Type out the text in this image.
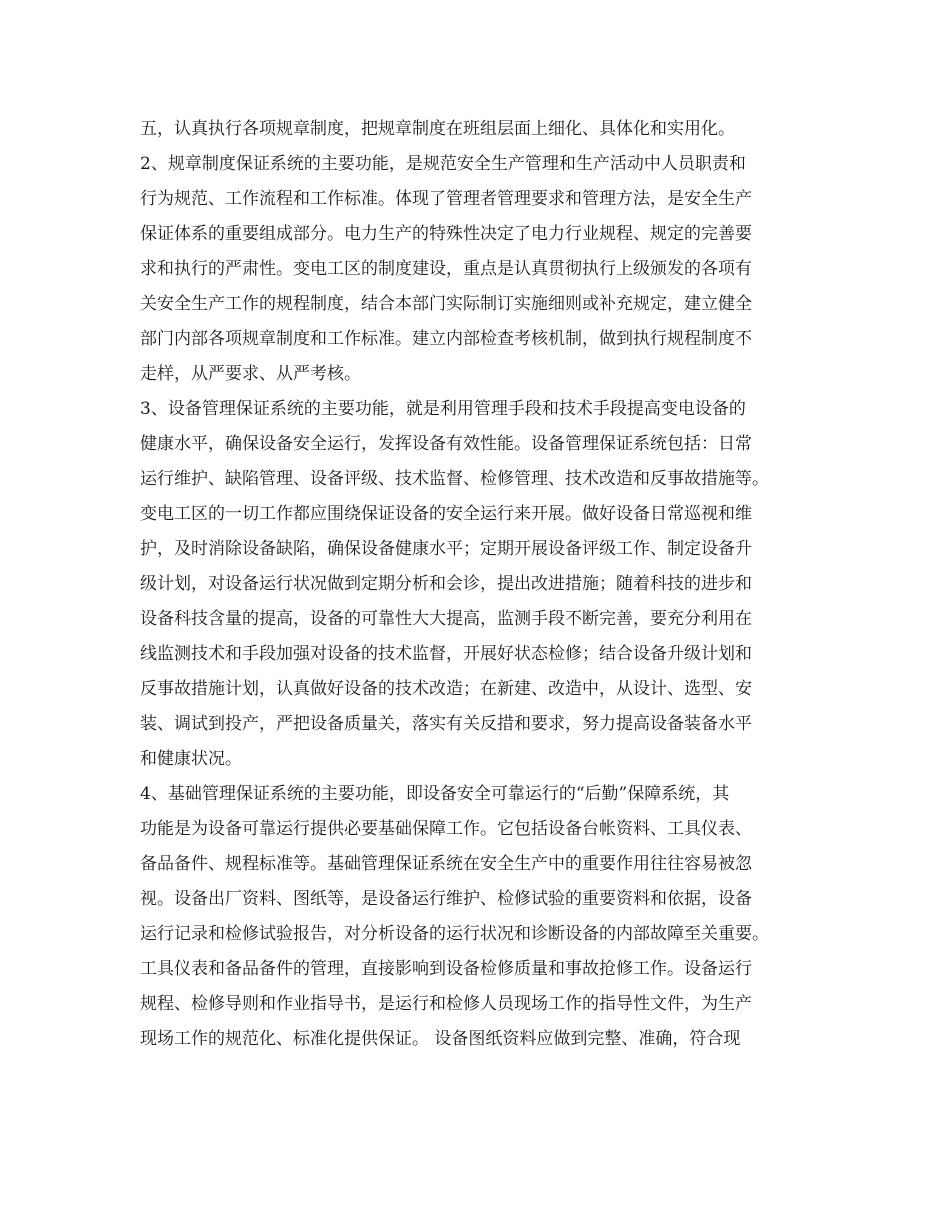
五，认真执行各项规章制度，把规章制度在班组层面上细化、具体化和实用化。
2、规章制度保证系统的主要功能，是规范安全生产管理和生产活动中人员职责和
行为规范、工作流程和工作标准。体现了管理者管理要求和管理方法，是安全生产
保证体系的重要组成部分。电力生产的特殊性决定了电力行业规程、规定的完善要
求和执行的严肃性。变电工区的制度建设，重点是认真贯彻执行上级颁发的各项有
关安全生产工作的规程制度，结合本部门实际制订实施细则或补充规定，建立健全
部门内部各项规章制度和工作标准。建立内部检查考核机制，做到执行规程制度不
走样，从严要求、从严考核。
3、设备管理保证系统的主要功能，就是利用管理手段和技术手段提高变电设备的
健康水平，确保设备安全运行，发挥设备有效性能。设备管理保证系统包括：日常
运行维护、缺陷管理、设备评级、技术监督、检修管理、技术改造和反事故措施等。
变电工区的一切工作都应围绕保证设备的安全运行来开展。做好设备日常巡视和维
护，及时消除设备缺陷，确保设备健康水平；定期开展设备评级工作、制定设备升
级计划，对设备运行状况做到定期分析和会诊，提出改进措施；随着科技的进步和
设备科技含量的提高，设备的可靠性大大提高，监测手段不断完善，要充分利用在
线监测技术和手段加强对设备的技术监督，开展好状态检修；结合设备升级计划和
反事故措施计划，认真做好设备的技术改造；在新建、改造中，从设计、选型、安
装、调试到投产，严把设备质量关，落实有关反措和要求，努力提高设备装备水平
和健康状况。
4、基础管理保证系统的主要功能，即设备安全可靠运行的“后勤”保障系统，其
功能是为设备可靠运行提供必要基础保障工作。它包括设备台帐资料、工具仪表、
备品备件、规程标准等。基础管理保证系统在安全生产中的重要作用往往容易被忽
视。设备出厂资料、图纸等，是设备运行维护、检修试验的重要资料和依据，设备
运行记录和检修试验报告，对分析设备的运行状况和诊断设备的内部故障至关重要。
工具仪表和备品备件的管理，直接影响到设备检修质量和事故抢修工作。设备运行
规程、检修导则和作业指导书，是运行和检修人员现场工作的指导性文件，为生产
现场工作的规范化、标准化提供保证。 设备图纸资料应做到完整、准确，符合现
